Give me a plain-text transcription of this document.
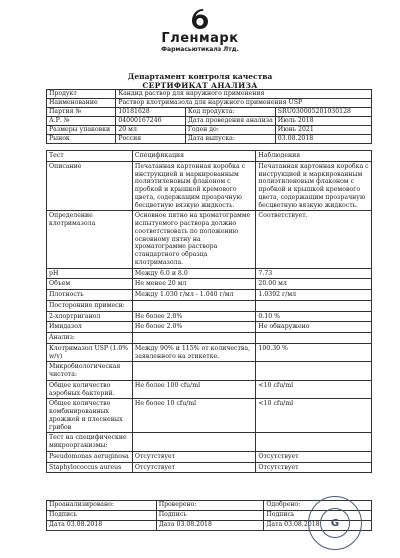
Гленмарк
Фармасьютикалз Лтд.
Департамент контроля качества
СЕРТИФИКАТ АНАЛИЗА
Продукт	Кандид раствор для наружного применения		
Наименование	Раствор клотримазола для наружного применения USP		
Партия №	10181628	Код продукта:	SRU030005201030128
А.Р. №	04000167246	Дата проведения анализа	Июль 2018
Размеры упаковки	20 мл	Годен до:	Июнь 2021
Рынок	Россия	Дата выпуска:	03.08.2018
Тест	Спецификация	Наблюдения
Описание	Печатанная картонная коробка с инструкцией и маркированным полиэтиленовым флаконом с пробкой и крышкой кремового цвета, содержащим прозрачную бесцветную вязкую жидкость.	Печатанная картонная коробка с инструкцией и маркированным полиэтиленовым флаконом с пробкой и крышкой кремового цвета, содержащим прозрачную бесцветную вязкую жидкость.
Определение клотримазола	Основное пятно на хроматограмме испытуемого раствора должно соответствовать по положению основному пятну на хроматограмме раствора стандартного образца клотримазола.	Соответствует.
pH	Между 6.0 и 8.0	7.73
Объем	Не менее 20 мл	20.00 мл
Плотность	Между 1.030 г/мл - 1.040 г/мл	1.0392 г/мл
Посторонние примеси:		
2-хлортриганол	Не более 2.0%	0.10 %
Имидазол	Не более 2.0%	Не обнаружено
Анализ:		
Клотримазол USP (1.0% w/v)	Между 90% и 115% от количества, заявленного на этикетке.	100.30 %
Микробиологическая чистота:		
Общее количество аэробных бактерий.	Не более 100 cfu/ml	<10 cfu/ml
Общее количество комбинированных дрожжей и плесневых грибов	Не более 10 cfu/ml	<10 cfu/ml
Тест на специфические микроорганизмы:		
Pseudomonas aeruginosa	Отсутствует	Отсутствует
Staphylococcus aureus	Отсутствует	Отсутствует
Проанализировано:	Проверено:	Одобрено:
Подпись	Подпись	Подпись
Дата 03.08.2018	Дата 03.08.2018	Дата 03.08.2018	G
